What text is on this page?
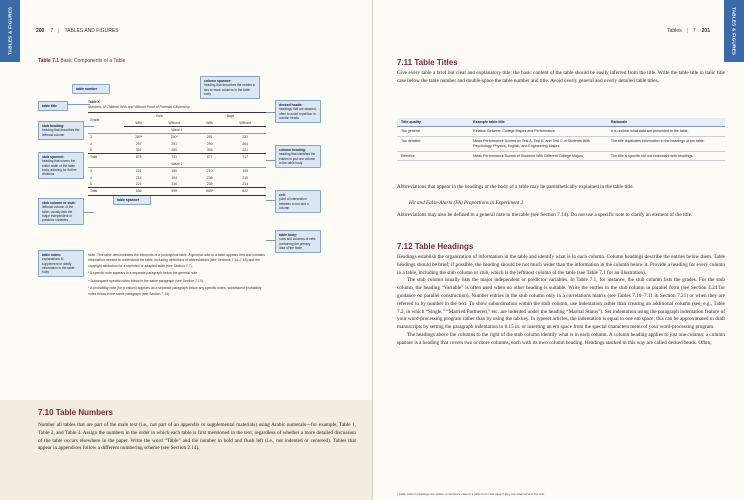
TABLES & FIGURES	200 7 | TABLES AND FIGURES
Table 7.1 Basic Components of a Table
table number
table title
stub heading:
heading that describes the leftmost column
stub spanner:
heading that covers the entire width of the table body, allowing for further divisions
stub column or stub:
leftmost column of the table; usually lists the major independent or predictor variables
table notes:
explanations to supplement or clarify information in the table body
column spanner:
heading that describes the entries in two or more columns in the table body
decked heads:
headings that are stacked, often to avoid repetition in column heads
column heading:
heading that identifies the entries in just one column in the table body
cell:
point of intersection between a row and a column
table spanner
table body:
rows and columns of cells containing the primary data of the table
Table X
Numbers of Children With and Without Proof of Parental Citizenship
Grade	Girls		Boys	
	With	Without	With	Without
Wave 1				
3	280ª	240ª	281	232
4	297	251	290	264
5	301	260	306	221
Total	878	751	877	717
Wave 2				
3	201	189	210	199
4	214	194	236	210
5	221	216	239	213
Total	636	599	685ᵇ	622

Note. This table demonstrates the elements of a prototypical table. A general note to a table appears first and contains information needed to understand the table, including definitions of abbreviations (see Sections 7.14–7.15) and the copyright attribution for a reprinted or adapted table (see Section 7.7).

ª A specific note appears in a separate paragraph below the general note.

ᵇ Subsequent specific notes follow in the same paragraph (see Section 7.14).

* A probability note (for p values) appears as a separate paragraph below any specific notes; subsequent probability notes follow in the same paragraph (see Section 7.14).

7.10 Table Numbers
Number all tables that are part of the main text (i.e., not part of an appendix or supplemental materials) using Arabic numerals—for example, Table 1, Table 2, and Table 3. Assign the numbers in the order in which each table is first mentioned in the text, regardless of whether a more detailed discussion of the table occurs elsewhere in the paper. Write the word “Table” and the number in bold and flush left (i.e., not indented or centered). Tables that appear in appendices follow a different numbering scheme (see Section 2.14).
TABLES & FIGURES
Tables | 7 201
7.11 Table Titles
Give every table a brief but clear and explanatory title; the basic content of the table should be easily inferred from the title. Write the table title in italic title case below the table number and double-space the table number and title. Avoid overly general and overly detailed table titles.
Title quality	Example table title	Rationale
Too general	Relation Between College Majors and Performance	It is unclear what data are presented in the table.
Too detailed	Mean Performance Scores on Test A, Test B, and Test C of Students With Psychology, Physics, English, and Engineering Majors	The title duplicates information in the headings of the table.
Effective	Mean Performance Scores of Students With Different College Majors	The title is specific but not redundant with headings.
Abbreviations that appear in the headings or the body of a table may be parenthetically explained in the table title.
Hit and False-Alarm (FA) Proportions in Experiment 2
Abbreviations may also be defined in a general note to the table (see Section 7.14). Do not use a specific note to clarify an element of the title.
7.12 Table Headings

Headings establish the organization of information in the table and identify what is in each column. Column headings describe the entries below them. Table headings should be brief; if possible, the heading should be not much wider than the information in the column below it. Provide a heading for every column in a table, including the stub column or stub, which is the leftmost column of the table (see Table 7.1 for an illustration).

The stub column usually lists the major independent or predictor variables. In Table 7.1, for instance, the stub column lists the grades. For the stub column, the heading “Variable” is often used when no other heading is suitable. Write the entries in the stub column in parallel form (see Section 4.24 for guidance on parallel construction). Number entries in the stub column only in a correlations matrix (see Tables 7.10–7.11 in Section 7.21) or when they are referred to by number in the text. To show subordination within the stub column, use indentation rather than creating an additional column (see, e.g., Table 7.2, in which “Single,” “Married/Partnered,” etc. are indented under the heading “Marital Status”). Set indentation using the paragraph indentation feature of your word-processing program rather than by using the tab key. In typeset articles, the indentation is equal to one em space; this can be approximated in draft manuscripts by setting the paragraph indentation to 0.15 in. or inserting an em space from the special characters menu of your word-processing program.

The headings above the columns to the right of the stub column identify what is in each column. A column heading applies to just one column; a column spanner is a heading that covers two or more columns, each with its own column heading. Headings stacked in this way are called decked heads. Often,

¹ Table column headings are written in sentence case in a table but in title case if they are referred to in the text.
